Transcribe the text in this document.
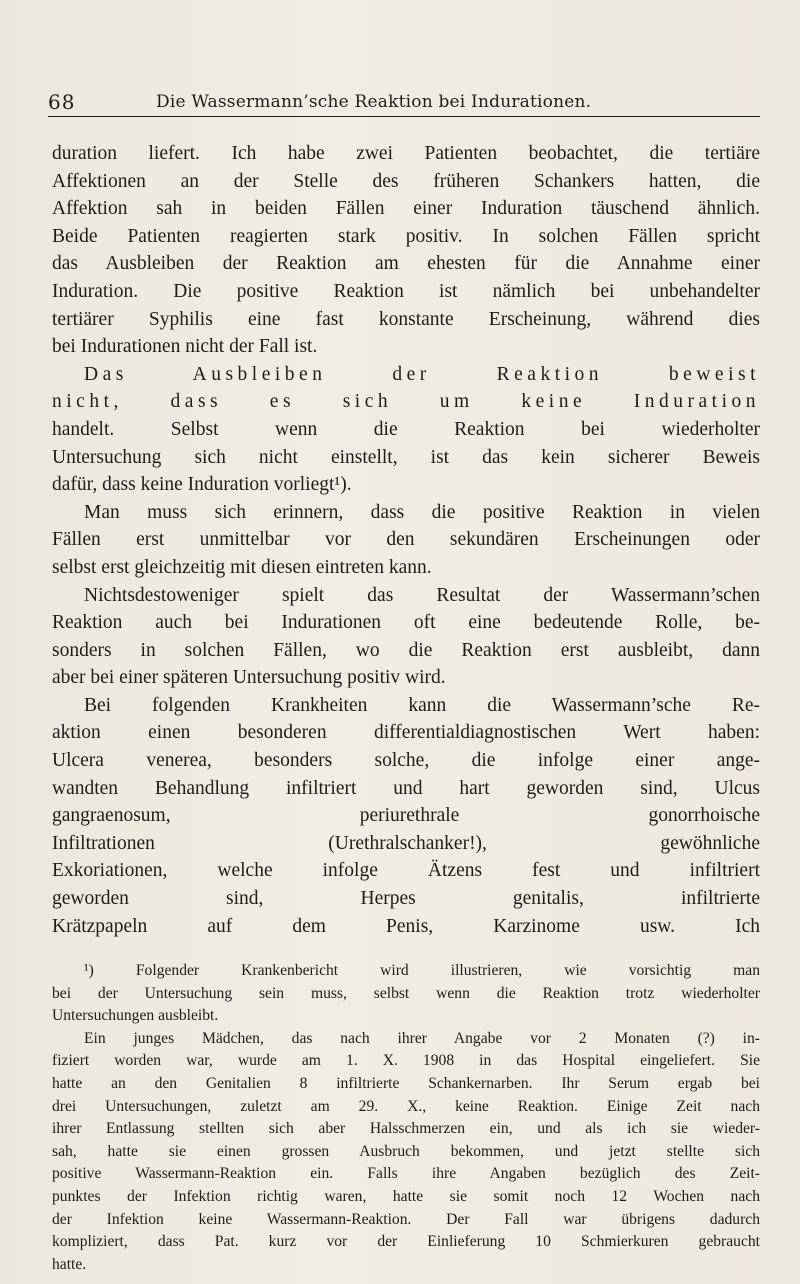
68	Die Wassermann’sche Reaktion bei Indurationen.
duration liefert. Ich habe zwei Patienten beobachtet, die tertiäre
Affektionen an der Stelle des früheren Schankers hatten, die
Affektion sah in beiden Fällen einer Induration täuschend ähnlich.
Beide Patienten reagierten stark positiv. In solchen Fällen spricht
das Ausbleiben der Reaktion am ehesten für die Annahme einer
Induration. Die positive Reaktion ist nämlich bei unbehandelter
tertiärer Syphilis eine fast konstante Erscheinung, während dies
bei Indurationen nicht der Fall ist.
Das Ausbleiben der Reaktion beweist
nicht, dass es sich um keine Induration
handelt. Selbst wenn die Reaktion bei wiederholter
Untersuchung sich nicht einstellt, ist das kein sicherer Beweis
dafür, dass keine Induration vorliegt¹).
Man muss sich erinnern, dass die positive Reaktion in vielen
Fällen erst unmittelbar vor den sekundären Erscheinungen oder
selbst erst gleichzeitig mit diesen eintreten kann.
Nichtsdestoweniger spielt das Resultat der Wassermann’schen
Reaktion auch bei Indurationen oft eine bedeutende Rolle, be-
sonders in solchen Fällen, wo die Reaktion erst ausbleibt, dann
aber bei einer späteren Untersuchung positiv wird.
Bei folgenden Krankheiten kann die Wassermann’sche Re-
aktion einen besonderen differentialdiagnostischen Wert haben:
Ulcera venerea, besonders solche, die infolge einer ange-
wandten Behandlung infiltriert und hart geworden sind, Ulcus
gangraenosum, periurethrale gonorrhoische
Infiltrationen (Urethralschanker!), gewöhnliche
Exkoriationen, welche infolge Ätzens fest und infiltriert
geworden sind, Herpes genitalis, infiltrierte
Krätzpapeln auf dem Penis, Karzinome usw. Ich
¹) Folgender Krankenbericht wird illustrieren, wie vorsichtig man
bei der Untersuchung sein muss, selbst wenn die Reaktion trotz wiederholter
Untersuchungen ausbleibt.
Ein junges Mädchen, das nach ihrer Angabe vor 2 Monaten (?) in-
fiziert worden war, wurde am 1. X. 1908 in das Hospital eingeliefert. Sie
hatte an den Genitalien 8 infiltrierte Schankernarben. Ihr Serum ergab bei
drei Untersuchungen, zuletzt am 29. X., keine Reaktion. Einige Zeit nach
ihrer Entlassung stellten sich aber Halsschmerzen ein, und als ich sie wieder-
sah, hatte sie einen grossen Ausbruch bekommen, und jetzt stellte sich
positive Wassermann-Reaktion ein. Falls ihre Angaben bezüglich des Zeit-
punktes der Infektion richtig waren, hatte sie somit noch 12 Wochen nach
der Infektion keine Wassermann-Reaktion. Der Fall war übrigens dadurch
kompliziert, dass Pat. kurz vor der Einlieferung 10 Schmierkuren gebraucht
hatte.
